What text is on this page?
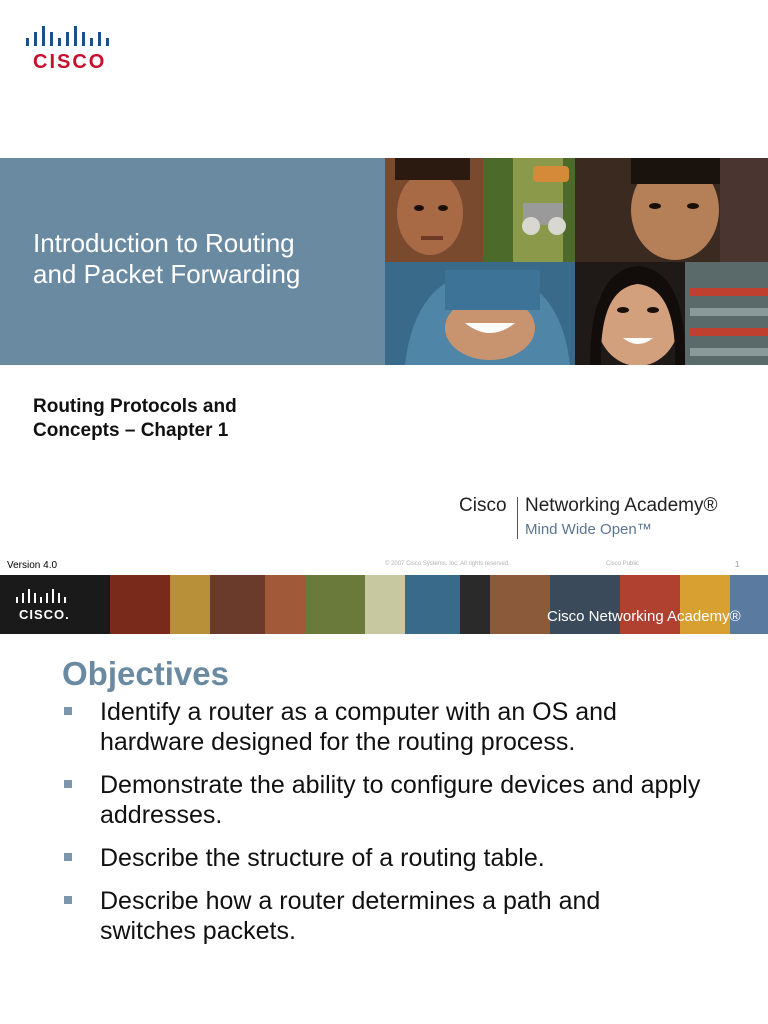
CISCO
Introduction to Routing
and Packet Forwarding
Routing Protocols and
Concepts – Chapter 1
Cisco Networking Academy®
Mind Wide Open™
Version 4.0	© 2007 Cisco Systems, Inc. All rights reserved.	Cisco Public	1
CISCO.	Cisco Networking Academy®
Objectives
Identify a router as a computer with an OS and hardware designed for the routing process.
Demonstrate the ability to configure devices and apply addresses.
Describe the structure of a routing table.
Describe how a router determines a path and switches packets.
